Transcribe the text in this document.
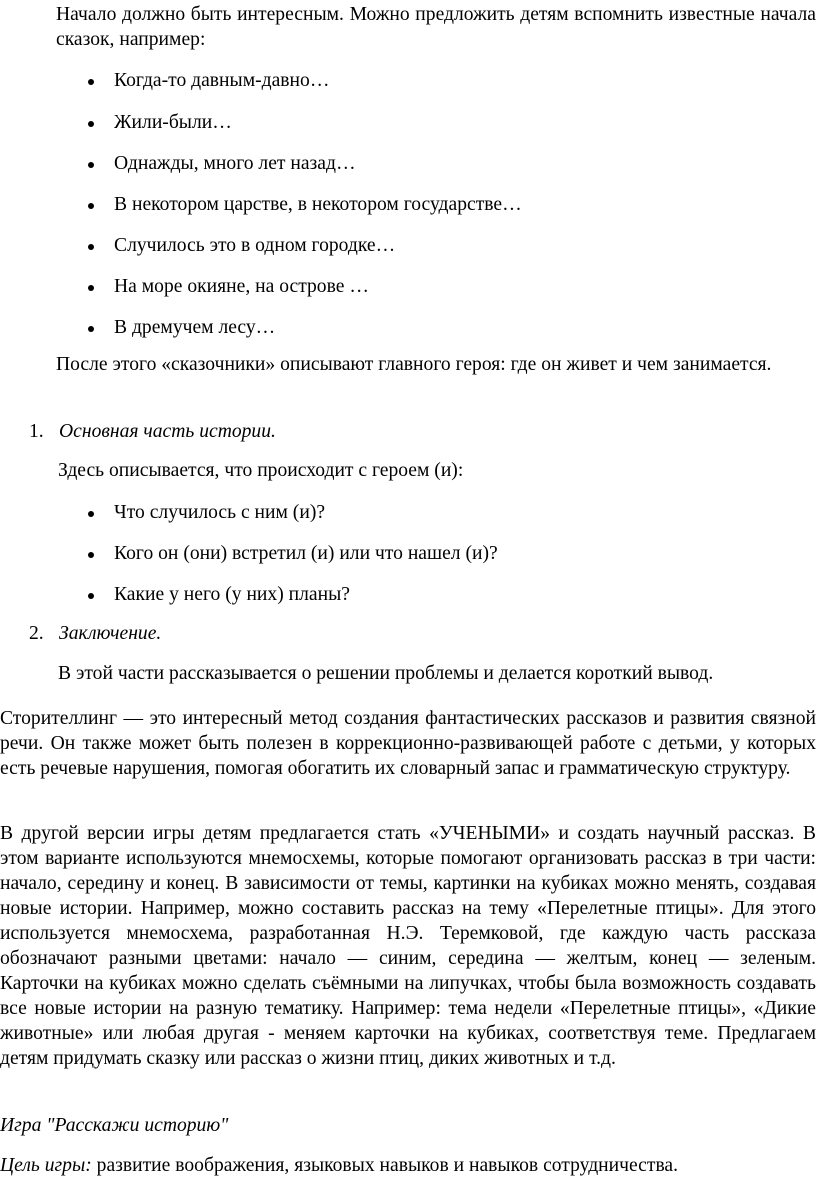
Начало должно быть интересным. Можно предложить детям вспомнить известные начала сказок, например:

Когда-то давным-давно…
Жили-были…
Однажды, много лет назад…
В некотором царстве, в некотором государстве…
Случилось это в одном городке…
На море окияне, на острове …
В дремучем лесу…

После этого «сказочники» описывают главного героя: где он живет и чем занимается.

1. Основная часть истории.

Здесь описывается, что происходит с героем (и):

Что случилось с ним (и)?
Кого он (они) встретил (и) или что нашел (и)?
Какие у него (у них) планы?
2. Заключение.

В этой части рассказывается о решении проблемы и делается короткий вывод.

Сторителлинг — это интересный метод создания фантастических рассказов и развития связной речи. Он также может быть полезен в коррекционно-развивающей работе с детьми, у которых есть речевые нарушения, помогая обогатить их словарный запас и грамматическую структуру.

В другой версии игры детям предлагается стать «УЧЕНЫМИ» и создать научный рассказ. В этом варианте используются мнемосхемы, которые помогают организовать рассказ в три части: начало, середину и конец. В зависимости от темы, картинки на кубиках можно менять, создавая новые истории. Например, можно составить рассказ на тему «Перелетные птицы». Для этого используется мнемосхема, разработанная Н.Э. Теремковой, где каждую часть рассказа обозначают разными цветами: начало — синим, середина — желтым, конец — зеленым. Карточки на кубиках можно сделать съёмными на липучках, чтобы была возможность создавать все новые истории на разную тематику. Например: тема недели «Перелетные птицы», «Дикие животные» или любая другая - меняем карточки на кубиках, соответствуя теме. Предлагаем детям придумать сказку или рассказ о жизни птиц, диких животных и т.д.

Игра "Расскажи историю"

Цель игры: развитие воображения, языковых навыков и навыков сотрудничества.
